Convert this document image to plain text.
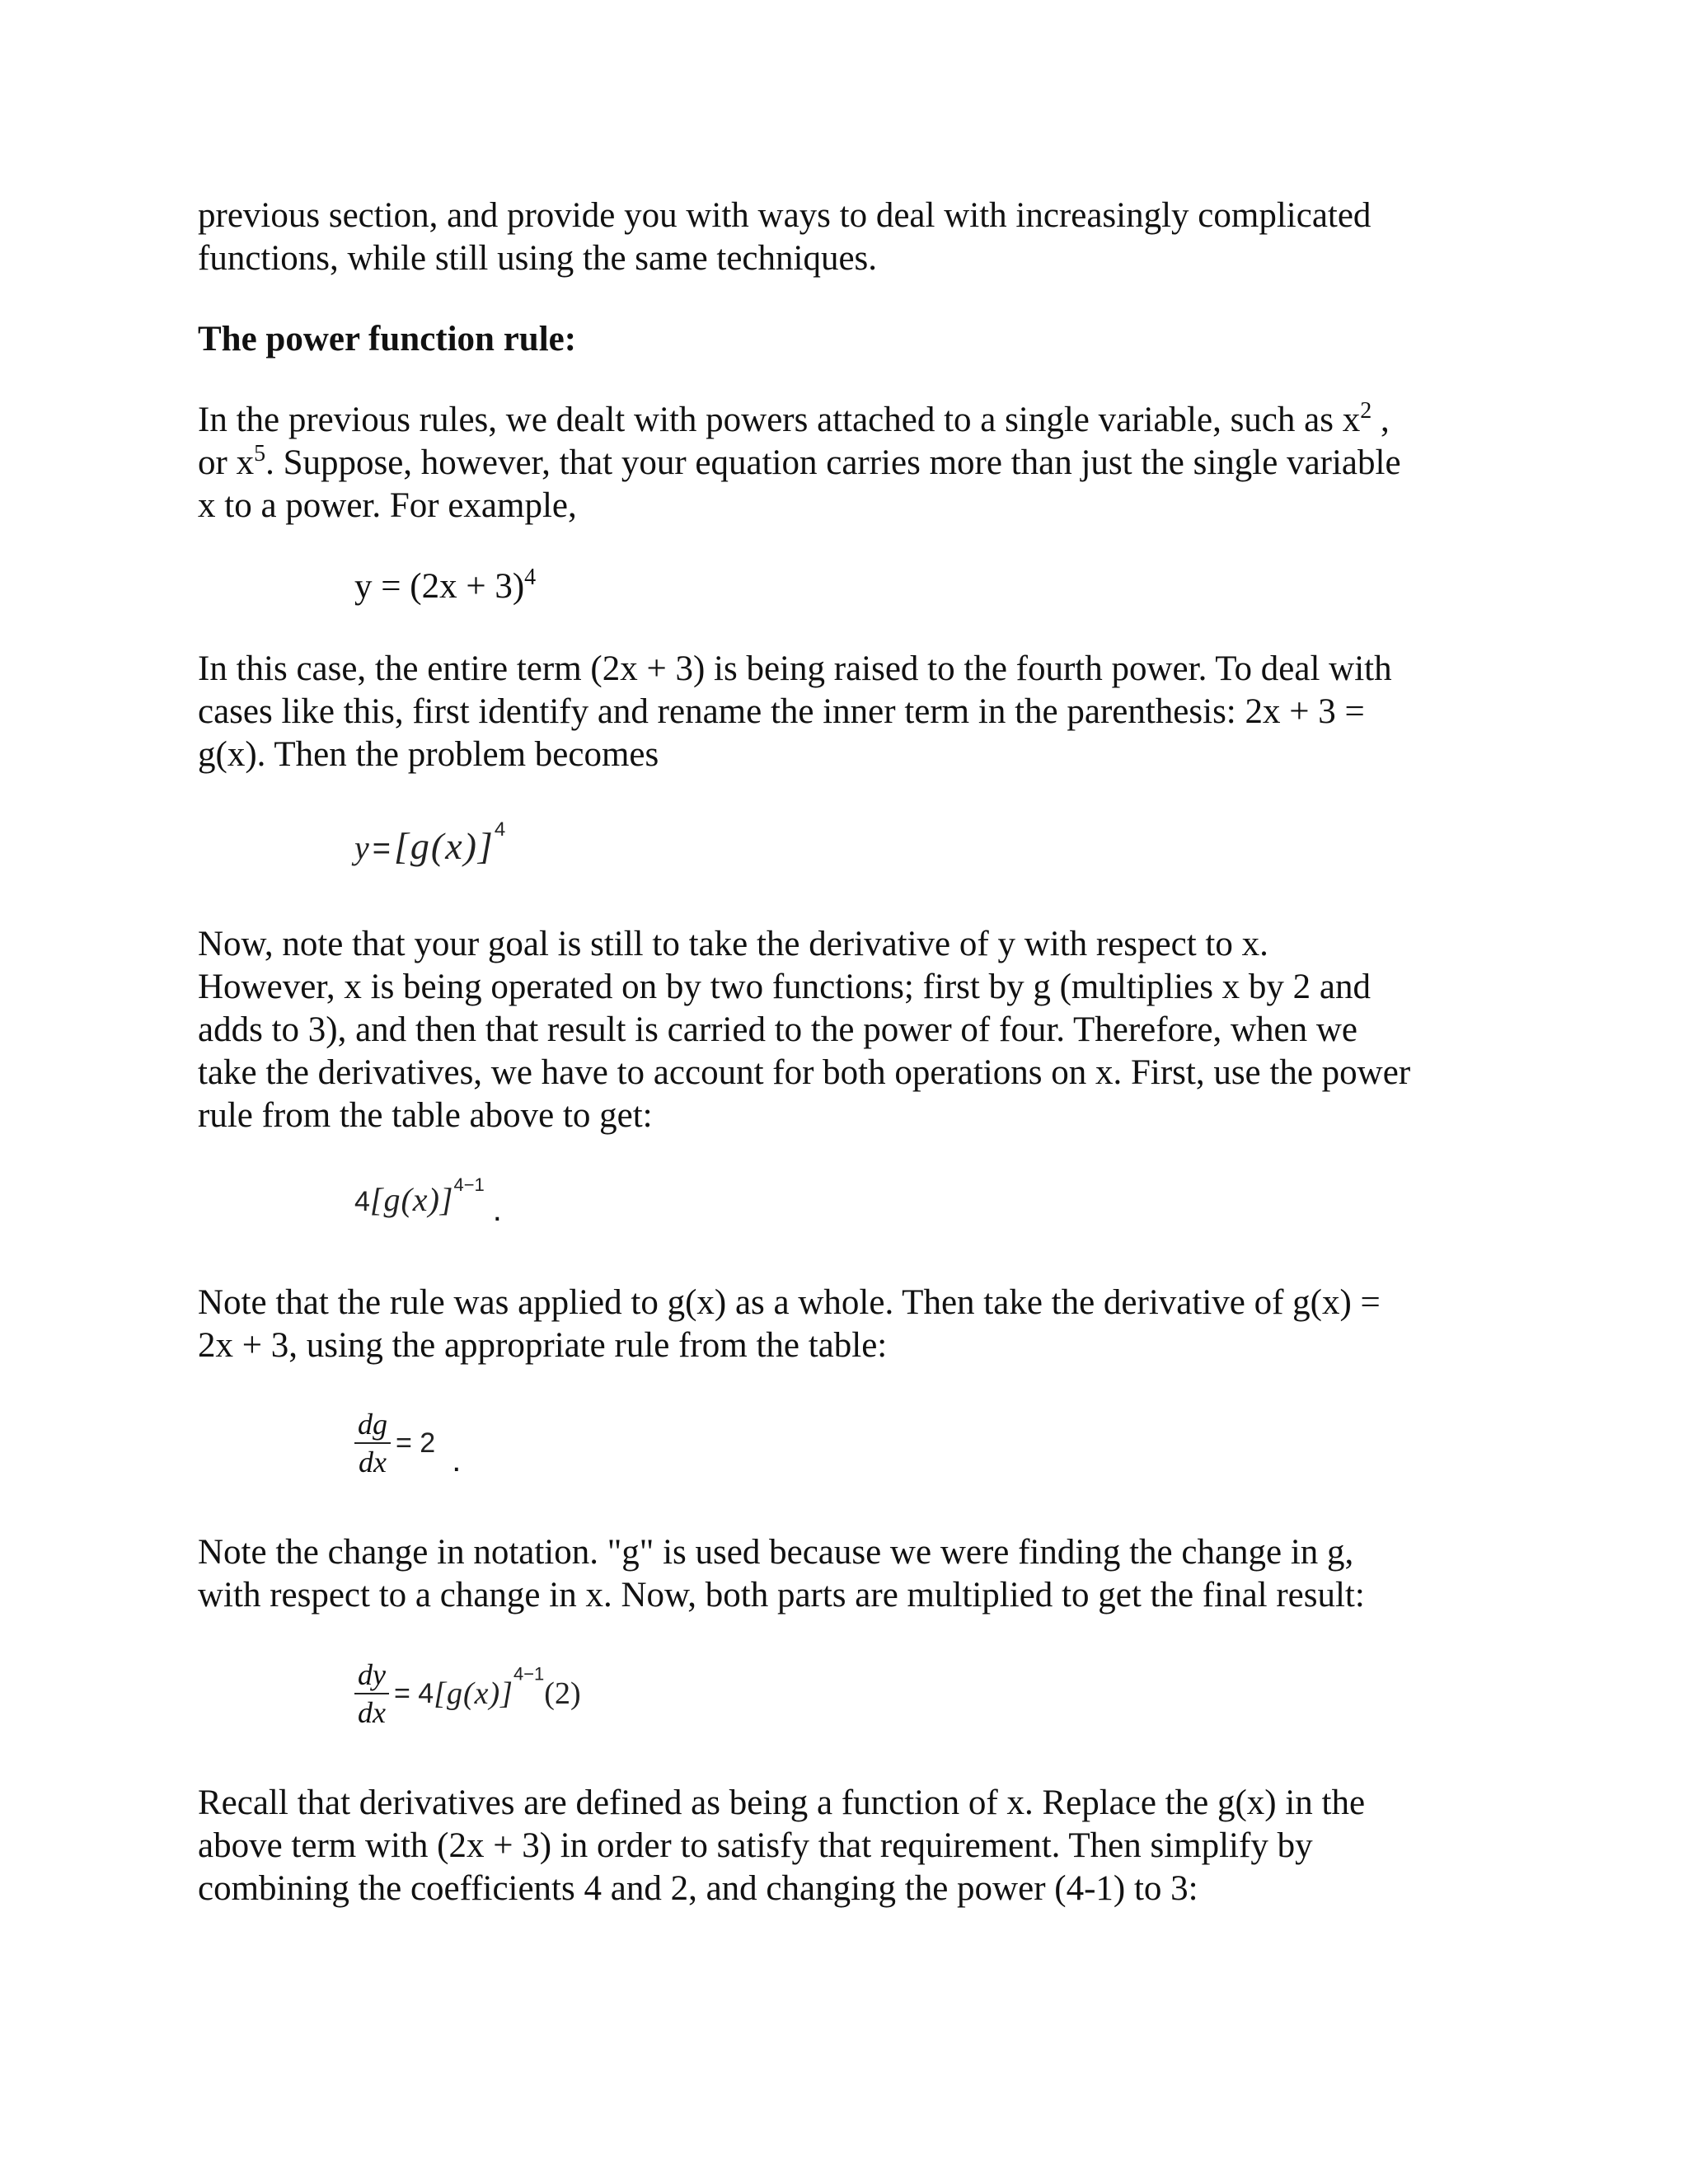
previous section, and provide you with ways to deal with increasingly complicated
functions, while still using the same techniques.

The power function rule:

In the previous rules, we dealt with powers attached to a single variable, such as $x^2$ ,
or $x^5$. Suppose, however, that your equation carries more than just the single variable
x to a power. For example,

$y = (2x + 3)^4$

In this case, the entire term (2x + 3) is being raised to the fourth power. To deal with
cases like this, first identify and rename the inner term in the parenthesis: 2x + 3 =
g(x). Then the problem becomes

y =[g(x)]4

Now, note that your goal is still to take the derivative of y with respect to x.
However, x is being operated on by two functions; first by g (multiplies x by 2 and
adds to 3), and then that result is carried to the power of four. Therefore, when we
take the derivatives, we have to account for both operations on x. First, use the power
rule from the table above to get:

4[g(x)]4−1.

Note that the rule was applied to g(x) as a whole. Then take the derivative of g(x) =
2x + 3, using the appropriate rule from the table:

$\frac{dg}{dx} = 2$ .

Note the change in notation. "g" is used because we were finding the change in g,
with respect to a change in x. Now, both parts are multiplied to get the final result:

$\frac{dy}{dx} = 4[g(x)]4-1(2)$

Recall that derivatives are defined as being a function of x. Replace the g(x) in the
above term with (2x + 3) in order to satisfy that requirement. Then simplify by
combining the coefficients 4 and 2, and changing the power (4-1) to 3:
